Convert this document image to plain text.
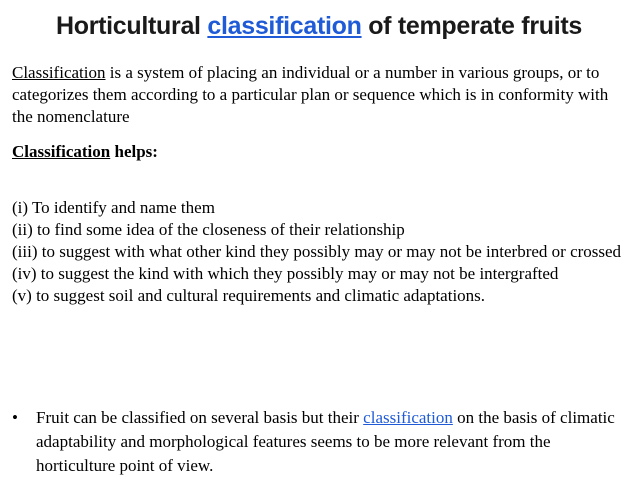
Horticultural classification of temperate fruits
Classification is a system of placing an individual or a number in various groups, or to categorizes them according to a particular plan or sequence which is in conformity with the nomenclature
Classification helps:
(i) To identify and name them
(ii) to find some idea of the closeness of their relationship
(iii) to suggest with what other kind they possibly may or may not be interbred or crossed
(iv) to suggest the kind with which they possibly may or may not be intergrafted
(v) to suggest soil and cultural requirements and climatic adaptations.
•	Fruit can be classified on several basis but their classification on the basis of climatic adaptability and morphological features seems to be more relevant from the horticulture point of view.
